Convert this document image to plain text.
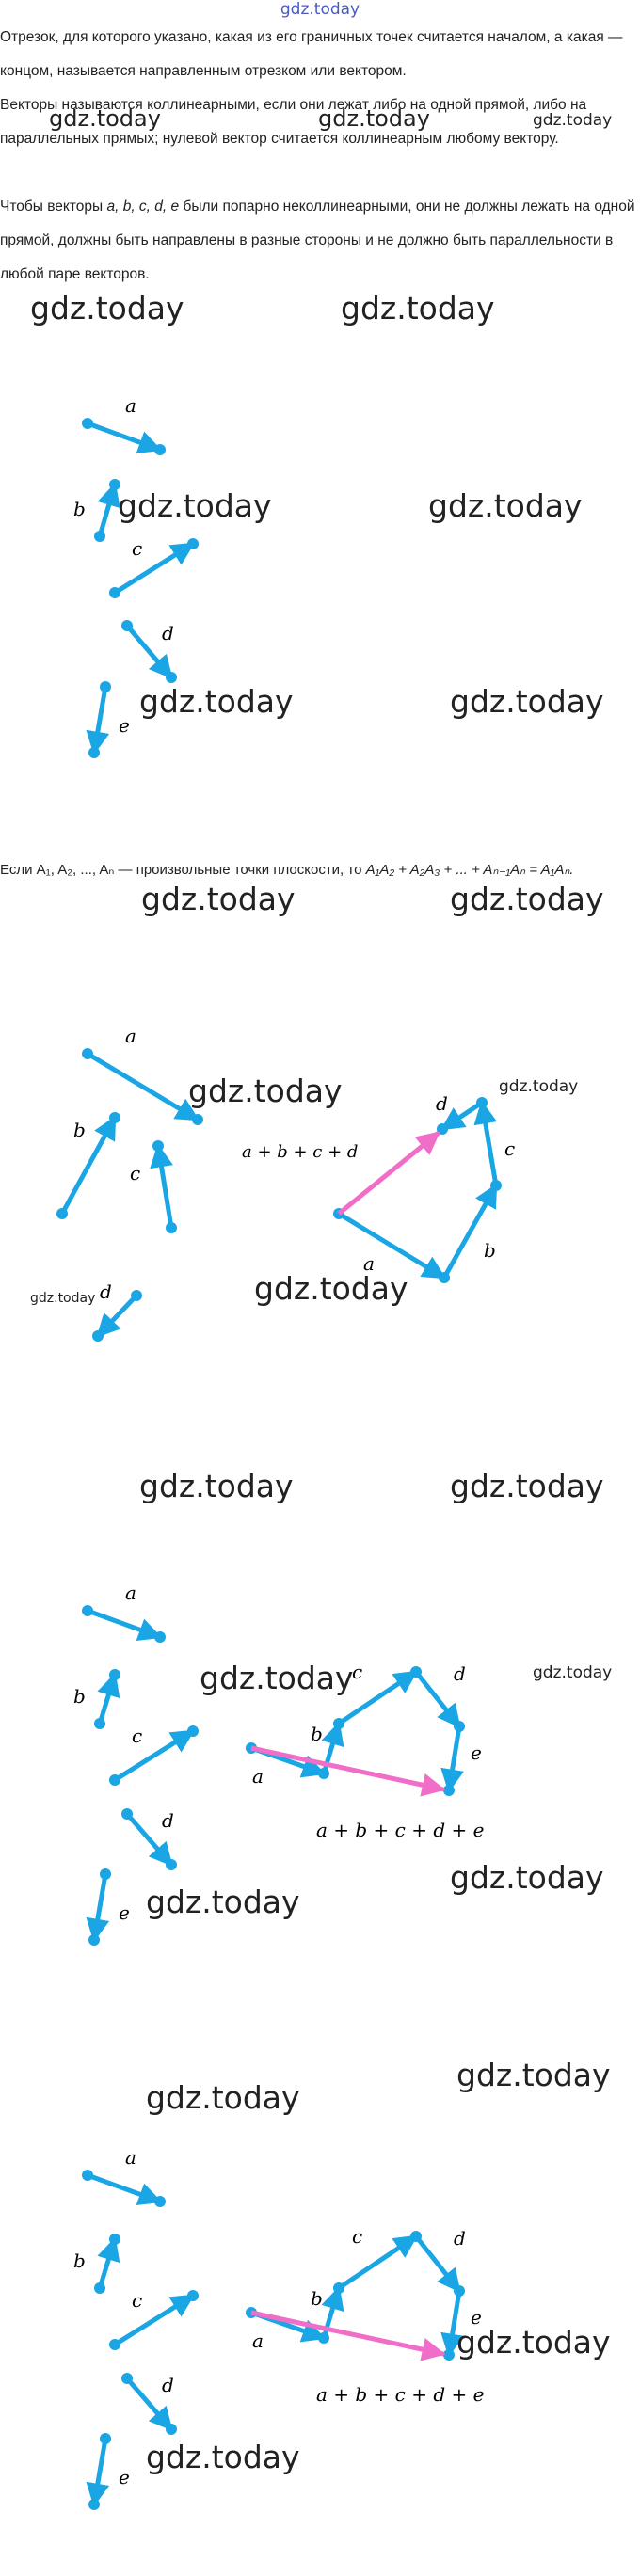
gdz.today
Отрезок, для которого указано, какая из его граничных точек считается началом, а какая — концом, называется направленным отрезком или вектором.
Векторы называются коллинеарными, если они лежат либо на одной прямой, либо на параллельных прямых; нулевой вектор считается коллинеарным любому вектору.
Чтобы векторы a, b, c, d, e были попарно неколлинеарными, они не должны лежать на одной прямой, должны быть направлены в разные стороны и не должно быть параллельности в любой паре векторов.
gdz.today	gdz.today	gdz.today
gdz.today	gdz.today
a
b
c
d
e
gdz.today	gdz.today
gdz.today	gdz.today
Если A₁, A₂, ..., Aₙ — произвольные точки плоскости, то A₁A₂ + A₂A₃ + ... + Aₙ₋₁Aₙ = A₁Aₙ.
gdz.today	gdz.today
a
b
c
d
a
b
c
d
a + b + c + d
gdz.today	gdz.today
gdz.today
gdz.today
gdz.today	gdz.today
a
b
c
d
e
a
b
c	d
e
a + b + c + d + e
gdz.today	gdz.today
gdz.today
gdz.today
gdz.today
gdz.today
a
b
c
d
e
a
b
c	d
e
a + b + c + d + e
gdz.today
gdz.today
